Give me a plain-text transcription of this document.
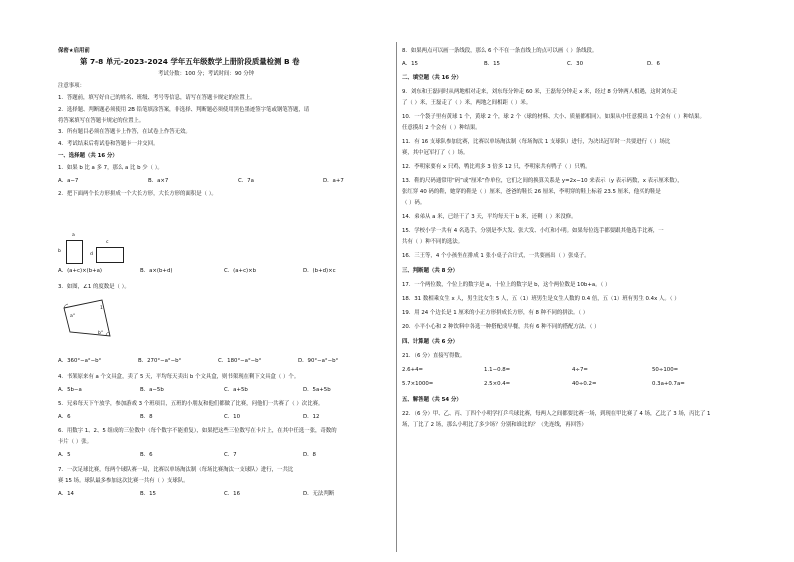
保密★启用前
第 7-8 单元-2023-2024 学年五年级数学上册阶段质量检测 B 卷
考试分数：100 分；考试时间：90 分钟
注意事项：
1．答题前，填写好自己的姓名、班级、考号等信息，请写在答题卡规定的位置上。
2．选择题、判断题必须使用 2B 铅笔填涂答案，非选择、判断题必须使用黑色墨迹签字笔或钢笔答题，请
将答案填写在答题卡规定的位置上。
3．所有题目必须在答题卡上作答，在试卷上作答无效。
4．考试结束后将试卷和答题卡一并交回。
一、选择题（共 16 分）
1．如果 b 比 a 多 7，那么 a 比 b 少（ ）。
A．a−7	B．a×7	C．7a	D．a+7
2．把下面两个长方形拼成一个大长方形，大长方形的面积是（ ）。
a
b
c
d
A．(a+c)×(b+a)	B．a×(b+d)	C．(a+c)×b	D．(b+d)×c
3．如图，∠1 的度数是（ ）。
1
a°
b°
A．360°−a°−b°	B．270°−a°−b°	C．180°−a°−b°	D．90°−a°−b°
4．书架原来有 a 个文具盒，卖了 5 天，平均每天卖出 b 个文具盒，则书架现在剩下文具盒（ ）个。
A．5b−a	B．a−5b	C．a+5b	D．5a+5b
5．兄弟每天下午放学，参加游戏 3 个班项目，五班的小朋友和他们都做了比赛，问他们一共赛了（ ）次比赛。
A．6	B．8	C．10	D．12
6．用数字 1、2、5 组成的三位数中（每个数字不能重复），如果把这些三位数写在卡片上，在其中任选一张，奇数的
卡片（ ）张。
A．5	B．6	C．7	D．8
7．一次足球比赛，每两个球队赛一局，比赛以单场淘汰制（每场比赛淘汰一支球队）进行，一共比
赛 15 场。球队最多参加这次比赛一共有（ ）支球队。
A．14	B．15	C．16	D．无法判断
8．如果两点可以画一条线段，那么 6 个不在一条直线上的点可以画（ ）条线段。
A．15	B．15	C．30	D．6
二、填空题（共 16 分）
9．刘东和王磊同时从两地相对走来，刘东每分钟走 60 米，王磊每分钟走 x 米，经过 8 分钟两人相遇，这时刘东走
了（ ）米，王磊走了（ ）米，两地之间相距（ ）米。
10．一个袋子里有黄球 1 个，黄球 2 个，球 2 个（球的材料、大小、质量都相同）。如果从中任意摸出 1 个会有（ ）种结果。
任意摸出 2 个会有（ ）种结果。
11．有 16 支球队参加比赛，比赛以单场淘汰制（每场淘汰 1 支球队）进行，为决出冠军时一共要进行（ ）场比
赛，其中冠军打了（ ）场。
12．李明家要有 x 只鸡，鸭比鸡多 3 倍多 12 只，李明家共有鸭子（ ）只鸭。
13．鞋的尺码通常用“码”或“厘米”作单位，它们之间的换算关系是 y=2x−10 来表示（y 表示码数，x 表示厘米数），
张红穿 40 码的鞋，她穿的鞋是（ ）厘米，爸爸的鞋长 26 厘米，李明穿的鞋上标着 23.5 厘米，他买的鞋是
（ ）码。
14．弟弟从 a 米，已经干了 3 天，平均每天干 b 米，还剩（ ）米没修。
15．学校小学一共有 4 名选手，分别是李大发、张大发、小红和小明。如果每位选手都要跟其他选手比赛，一
共有（ ）种不同的选法。
16．三王等，4 个小孩坐在排成 1 张小桌子合计式，一共要画出（ ）张桌子。
三、判断题（共 8 分）
17．一个两位数，个位上的数字是 a，十位上的数字是 b，这个两位数是 10b+a。（ ）
18．31 数相乘女生 x 人，男生比女生 5 人，五（1）班男生是女生人数的 0.4 倍，五（1）班有男生 0.4x 人。（ ）
19．用 24 个边长是 1 厘米的小正方形拼成长方形，有 8 种不同的拼法。（ ）
20．小平小心和 2 种饮料中各选一种搭配成早餐，共有 6 种不同的搭配方法。（ ）
四、计算题（共 6 分）
21．（6 分）直接写得数。
2.6+4=	1.1−0.8=	4÷7=	50÷100=
5.7×1000=	2.5×0.4=	40÷0.2=	0.3a+0.7a=
五、解答题（共 54 分）
22．（6 分）甲、乙、丙、丁四个小明学打乒乓球比赛，每两人之间都要比赛一场，到现在甲比赛了 4 场，乙比了 3 场，丙比了 1
场，丁比了 2 场，那么小明比了多少场？分别和谁比的？（先连线，再回答）
